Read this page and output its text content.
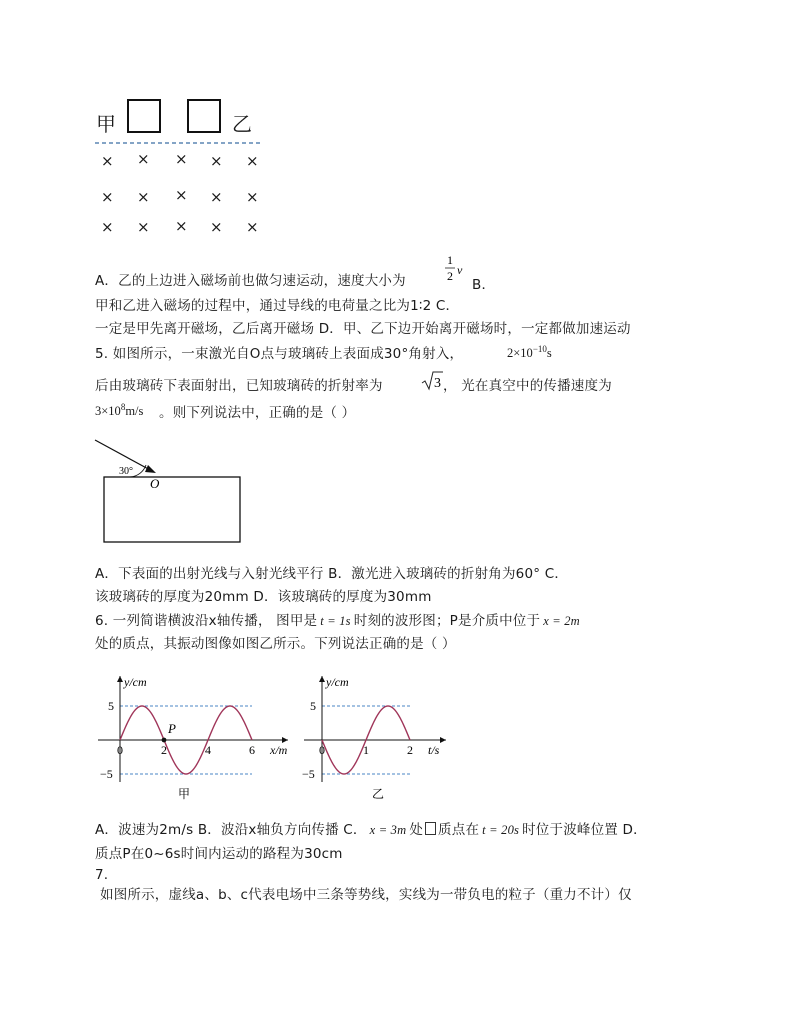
甲	乙
× × × × ×
× × × × ×
× × × × ×
A．乙的上边进入磁场前也做匀速运动，速度大小为
1
2 v
B．
甲和乙进入磁场的过程中，通过导线的电荷量之比为1∶2 C．
一定是甲先离开磁场，乙后离开磁场 D．甲、乙下边开始离开磁场时，一定都做加速运动
5. 如图所示，一束激光自O点与玻璃砖上表面成30°角射入，	$2\times 10^{-10}s$
后由玻璃砖下表面射出，已知玻璃砖的折射率为	3 ， 光在真空中的传播速度为
$3\times 10^8m/s$ 。则下列说法中，正确的是（ ）
30°
O
A．下表面的出射光线与入射光线平行 B．激光进入玻璃砖的折射角为60° C．
该玻璃砖的厚度为20mm D．该玻璃砖的厚度为30mm
6. 一列简谐横波沿x轴传播， 图甲是 t = 1s 时刻的波形图；P是介质中位于 x = 2m
处的质点，其振动图像如图乙所示。下列说法正确的是（ ）
y/cm
x/m
5
−5
0	2	4	6
甲
P
y/cm
t/s
5
−5
0	1	2
乙
A．波速为2m/s B．波沿x轴负方向传播 C． x = 3m 处 质点在 t = 20s 时位于波峰位置 D．
质点P在0~6s时间内运动的路程为30cm
7.
如图所示，虚线a、b、c代表电场中三条等势线，实线为一带负电的粒子（重力不计）仅
